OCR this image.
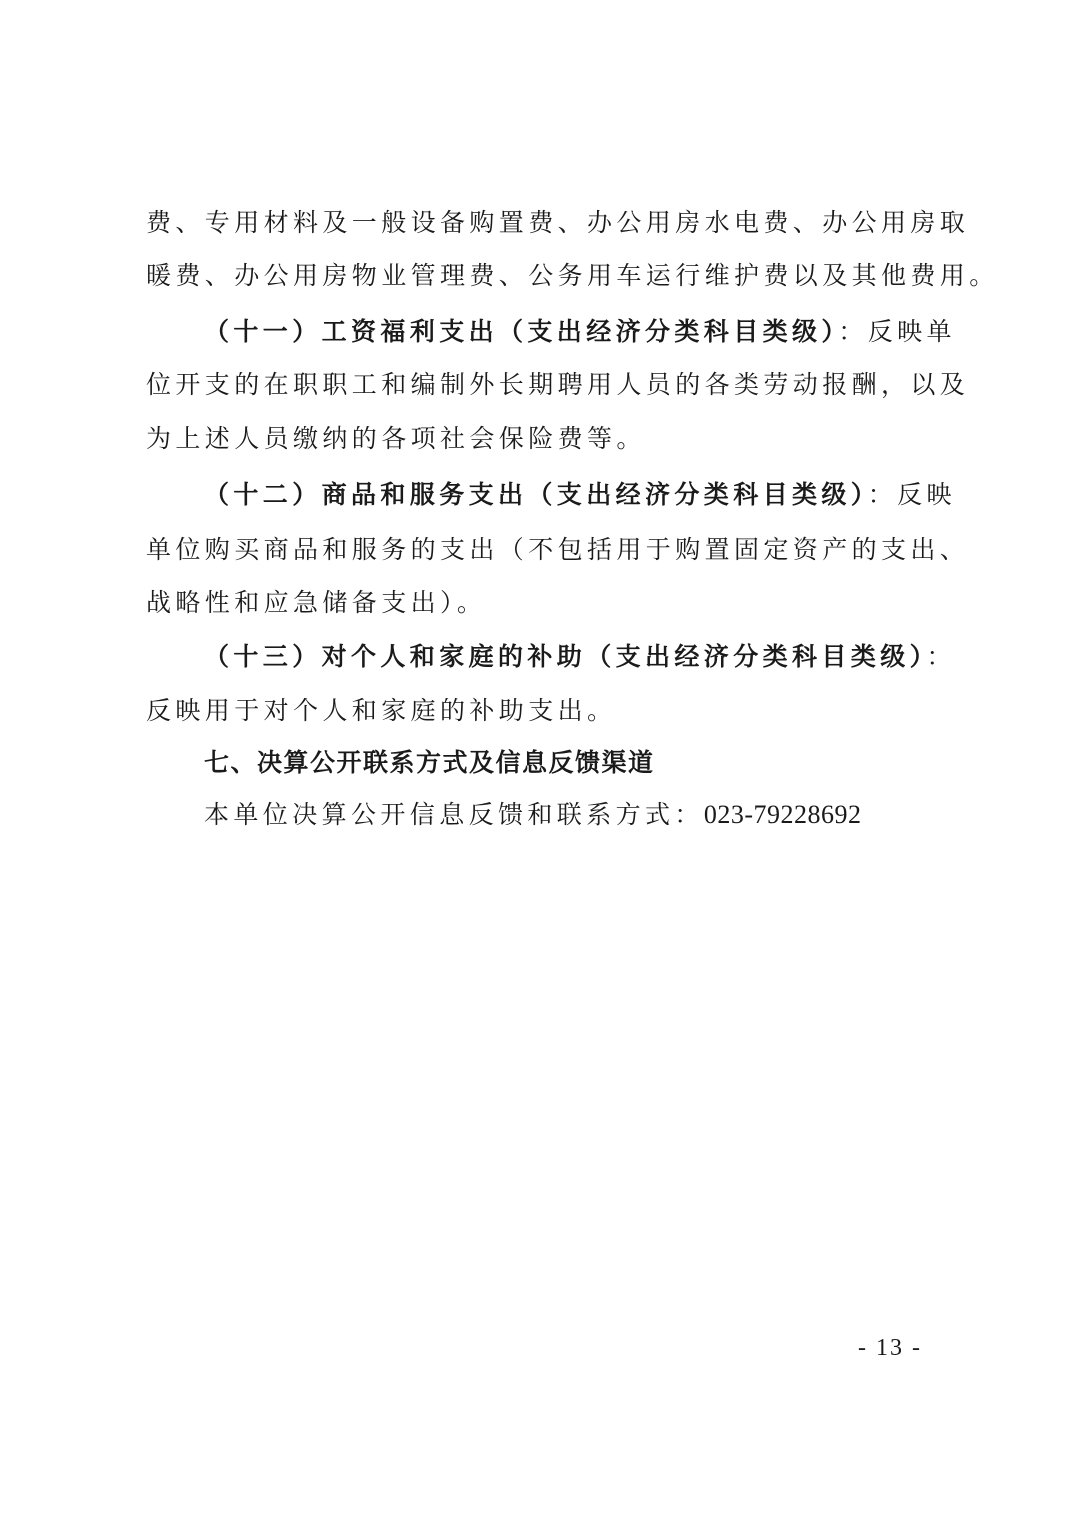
费、专用材料及一般设备购置费、办公用房水电费、办公用房取
暖费、办公用房物业管理费、公务用车运行维护费以及其他费用。
（十一）工资福利支出（支出经济分类科目类级）：反映单
位开支的在职职工和编制外长期聘用人员的各类劳动报酬，以及
为上述人员缴纳的各项社会保险费等。
（十二）商品和服务支出（支出经济分类科目类级）：反映
单位购买商品和服务的支出（不包括用于购置固定资产的支出、
战略性和应急储备支出）。
（十三）对个人和家庭的补助（支出经济分类科目类级）：
反映用于对个人和家庭的补助支出。
七、决算公开联系方式及信息反馈渠道
本单位决算公开信息反馈和联系方式：023-79228692
- 13 -
